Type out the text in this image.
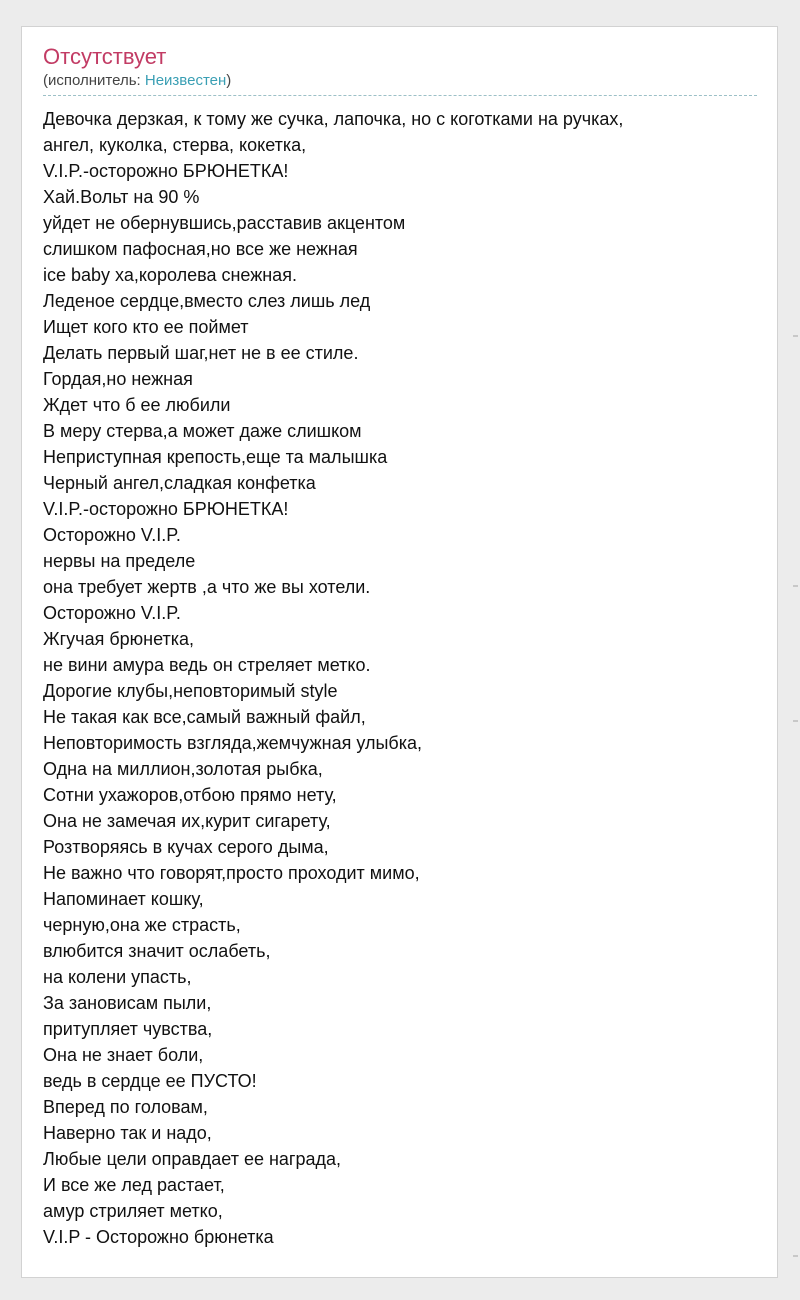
Отсутствует

(исполнитель: Неизвестен)

Девочка дерзкая, к тому же сучка, лапочка, но с коготками на ручках,
ангел, куколка, стерва, кокетка,
V.I.P.-осторожно БРЮНЕТКА!
Хай.Вольт на 90 %
уйдет не обернувшись,расставив акцентом
слишком пафосная,но все же нежная
ice baby ха,королева снежная.
Леденое сердце,вместо слез лишь лед
Ищет кого кто ее поймет
Делать первый шаг,нет не в ее стиле.
Гордая,но нежная
Ждет что б ее любили
В меру стерва,а может даже слишком
Неприступная крепость,еще та малышка
Черный ангел,сладкая конфетка
V.I.P.-осторожно БРЮНЕТКА!
Осторожно V.I.P.
нервы на пределе
она требует жертв ,а что же вы хотели.
Осторожно V.I.P.
Жгучая брюнетка,
не вини амура ведь он стреляет метко.
Дорогие клубы,неповторимый style
Не такая как все,самый важный файл,
Неповторимость взгляда,жемчужная улыбка,
Одна на миллион,золотая рыбка,
Сотни ухажоров,отбою прямо нету,
Она не замечая их,курит сигарету,
Розтворяясь в кучах серого дыма,
Не важно что говорят,просто проходит мимо,
Напоминает кошку,
черную,она же страсть,
влюбится значит ослабеть,
на колени упасть,
За зановисам пыли,
притупляет чувства,
Она не знает боли,
ведь в сердце ее ПУСТО!
Вперед по головам,
Наверно так и надо,
Любые цели оправдает ее награда,
И все же лед растает,
амур стриляет метко,
V.I.P - Осторожно брюнетка
